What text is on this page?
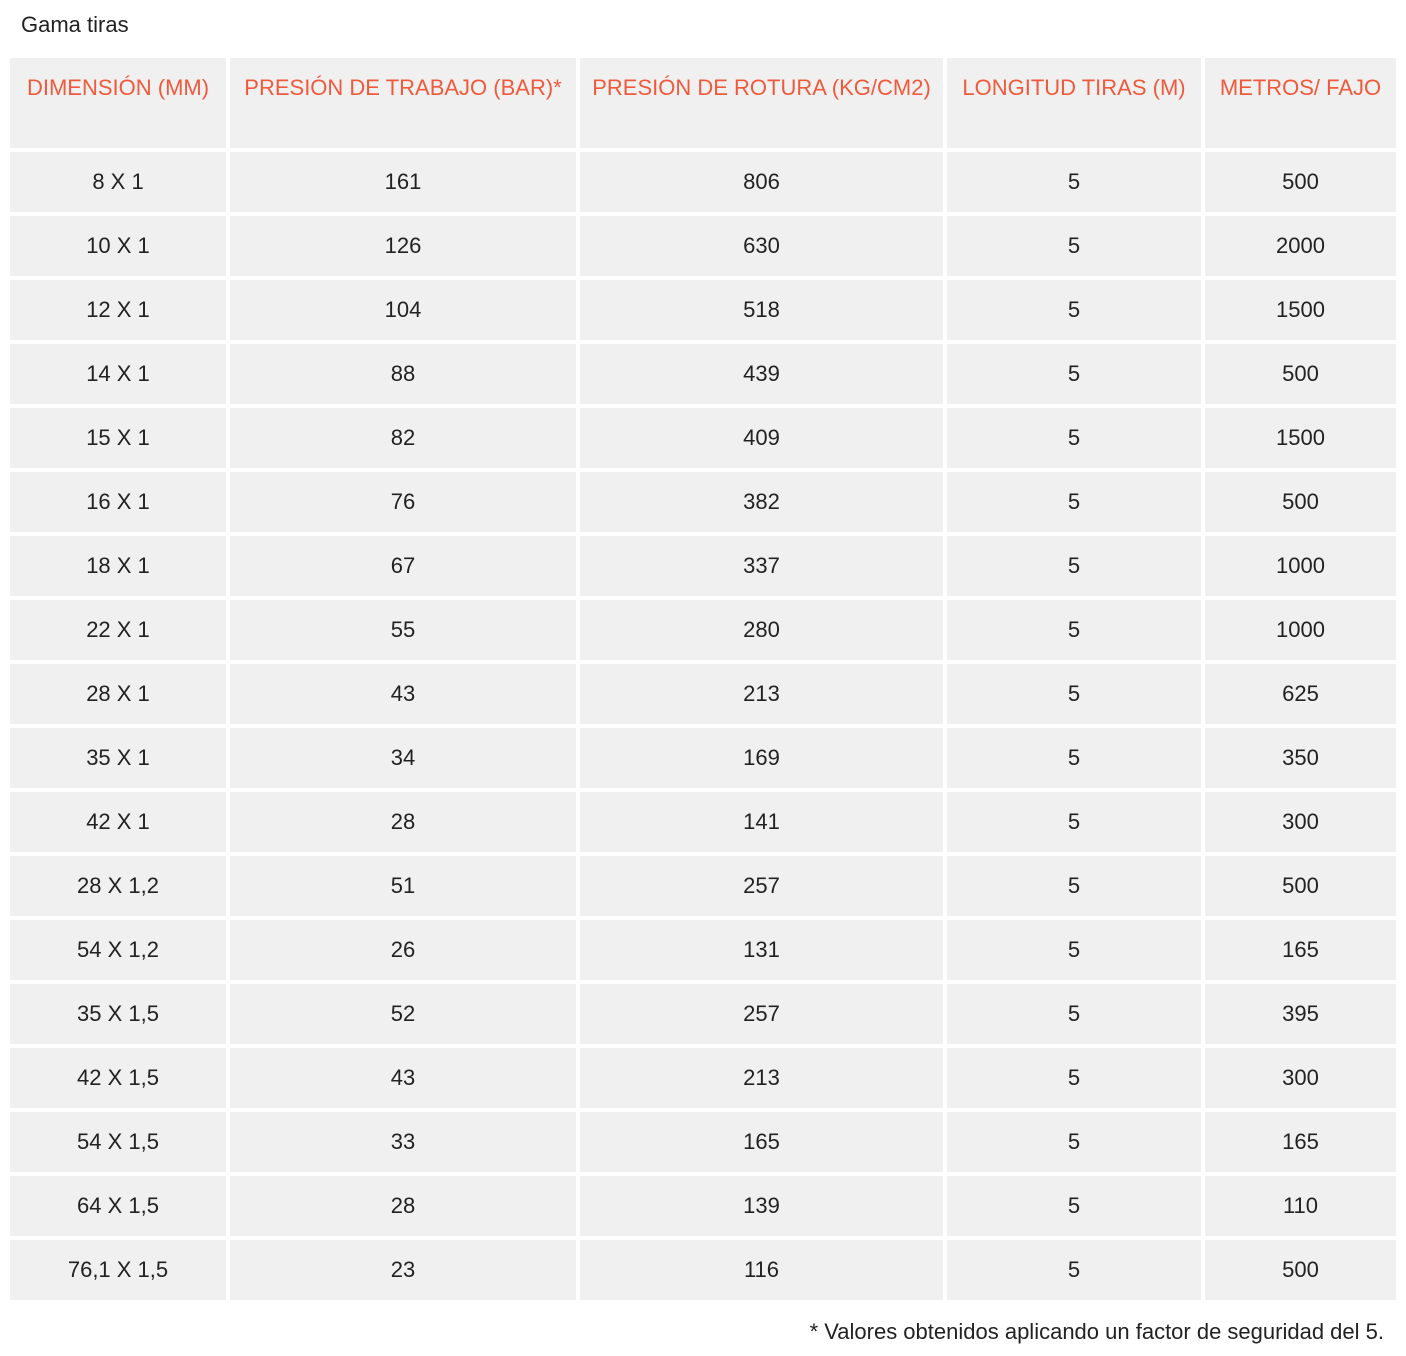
Gama tiras
DIMENSIÓN (MM)	PRESIÓN DE TRABAJO (BAR)*	PRESIÓN DE ROTURA (KG/CM2)	LONGITUD TIRAS (M)	METROS/ FAJO
8 X 1	161	806	5	500
10 X 1	126	630	5	2000
12 X 1	104	518	5	1500
14 X 1	88	439	5	500
15 X 1	82	409	5	1500
16 X 1	76	382	5	500
18 X 1	67	337	5	1000
22 X 1	55	280	5	1000
28 X 1	43	213	5	625
35 X 1	34	169	5	350
42 X 1	28	141	5	300
28 X 1,2	51	257	5	500
54 X 1,2	26	131	5	165
35 X 1,5	52	257	5	395
42 X 1,5	43	213	5	300
54 X 1,5	33	165	5	165
64 X 1,5	28	139	5	110
76,1 X 1,5	23	116	5	500
* Valores obtenidos aplicando un factor de seguridad del 5.
